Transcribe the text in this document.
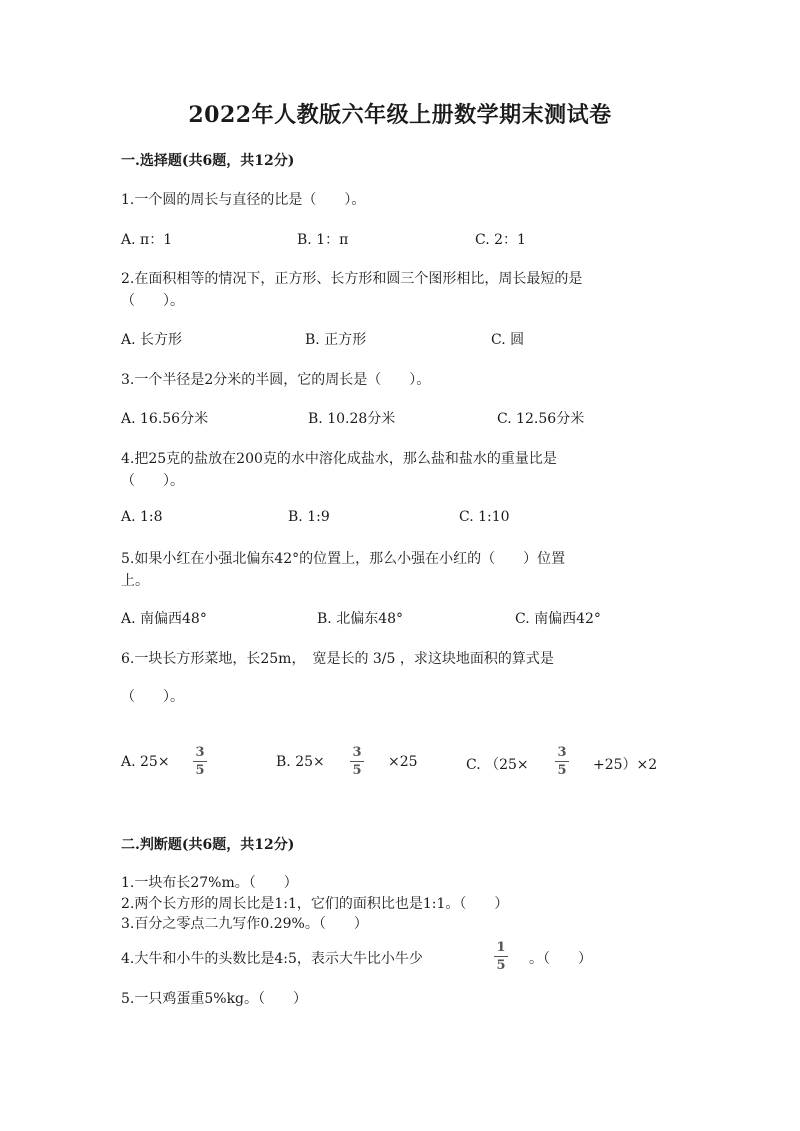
2022年人教版六年级上册数学期末测试卷
一.选择题(共6题，共12分)
1.一个圆的周长与直径的比是（　　）。
A. π：1	B. 1：π	C. 2：1
2.在面积相等的情况下，正方形、长方形和圆三个图形相比，周长最短的是
（　　）。
A. 长方形	B. 正方形	C. 圆
3.一个半径是2分米的半圆，它的周长是（　　）。
A. 16.56分米	B. 10.28分米	C. 12.56分米
4.把25克的盐放在200克的水中溶化成盐水，那么盐和盐水的重量比是
（　　）。
A. 1:8	B. 1:9	C. 1:10
5.如果小红在小强北偏东42°的位置上，那么小强在小红的（　　）位置
上。
A. 南偏西48°	B. 北偏东48°	C. 南偏西42°
6.一块长方形菜地，长25m，　宽是长的 3/5 ，求这块地面积的算式是
（　　）。
A. 25×
3
5
B. 25×
3
5
×25	C. （25×
3
5 +25）×2
二.判断题(共6题，共12分)
1.一块布长27%m。（　　）
2.两个长方形的周长比是1:1，它们的面积比也是1:1。（　　）
3.百分之零点二九写作0.29%。（　　）
4.大牛和小牛的头数比是4:5，表示大牛比小牛少
1
5 。（　　）
5.一只鸡蛋重5%kg。（　　）
